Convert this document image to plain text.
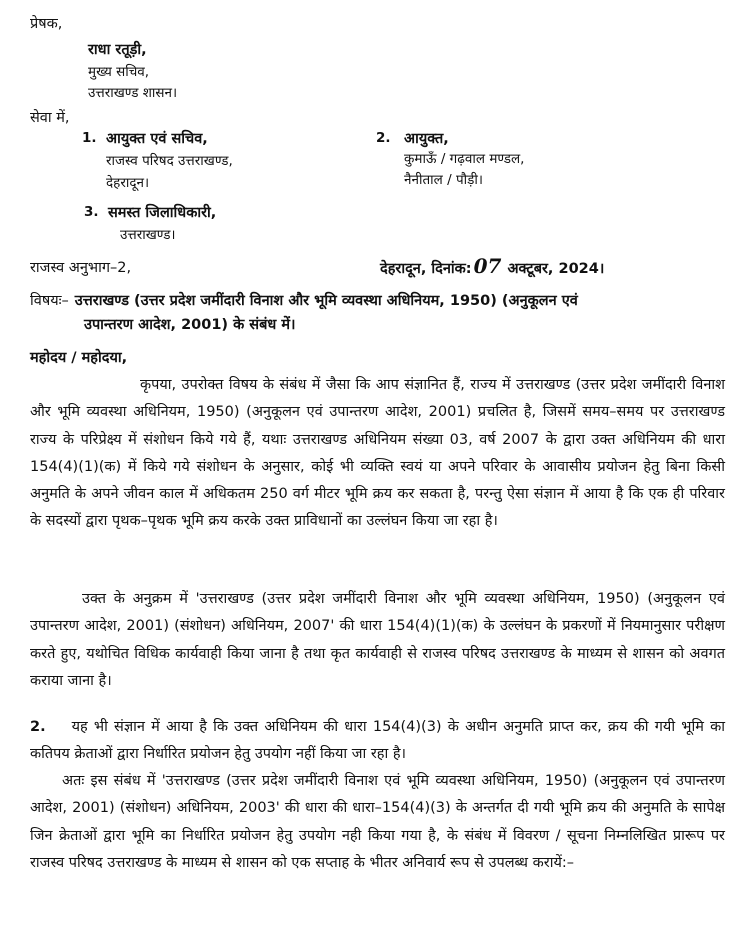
प्रेषक,
राधा रतूड़ी,
मुख्य सचिव,
उत्तराखण्ड शासन।
सेवा में,
1. आयुक्त एवं सचिव,
राजस्व परिषद उत्तराखण्ड,
देहरादून।
2. आयुक्त,
कुमाऊँ / गढ़वाल मण्डल,
नैनीताल / पौड़ी।
3. समस्त जिलाधिकारी,
उत्तराखण्ड।
राजस्व अनुभाग–2,	देहरादून, दिनांक: 07 अक्टूबर, 2024।
विषयः– उत्तराखण्ड (उत्तर प्रदेश जमींदारी विनाश और भूमि व्यवस्था अधिनियम, 1950) (अनुकूलन एवं
उपान्तरण आदेश, 2001) के संबंध में।
महोदय / महोदया,
कृपया, उपरोक्त विषय के संबंध में जैसा कि आप संज्ञानित हैं, राज्य में उत्तराखण्ड (उत्तर प्रदेश जमींदारी विनाश और भूमि व्यवस्था अधिनियम, 1950) (अनुकूलन एवं उपान्तरण आदेश, 2001) प्रचलित है, जिसमें समय–समय पर उत्तराखण्ड राज्य के परिप्रेक्ष्य में संशोधन किये गये हैं, यथाः उत्तराखण्ड अधिनियम संख्या 03, वर्ष 2007 के द्वारा उक्त अधिनियम की धारा 154(4)(1)(क) में किये गये संशोधन के अनुसार, कोई भी व्यक्ति स्वयं या अपने परिवार के आवासीय प्रयोजन हेतु बिना किसी अनुमति के अपने जीवन काल में अधिकतम 250 वर्ग मीटर भूमि क्रय कर सकता है, परन्तु ऐसा संज्ञान में आया है कि एक ही परिवार के सदस्यों द्वारा पृथक–पृथक भूमि क्रय करके उक्त प्राविधानों का उल्लंघन किया जा रहा है।
उक्त के अनुक्रम में 'उत्तराखण्ड (उत्तर प्रदेश जमींदारी विनाश और भूमि व्यवस्था अधिनियम, 1950) (अनुकूलन एवं उपान्तरण आदेश, 2001) (संशोधन) अधिनियम, 2007' की धारा 154(4)(1)(क) के उल्लंघन के प्रकरणों में नियमानुसार परीक्षण करते हुए, यथोचित विधिक कार्यवाही किया जाना है तथा कृत कार्यवाही से राजस्व परिषद उत्तराखण्ड के माध्यम से शासन को अवगत कराया जाना है।
2. यह भी संज्ञान में आया है कि उक्त अधिनियम की धारा 154(4)(3) के अधीन अनुमति प्राप्त कर, क्रय की गयी भूमि का कतिपय क्रेताओं द्वारा निर्धारित प्रयोजन हेतु उपयोग नहीं किया जा रहा है।
अतः इस संबंध में 'उत्तराखण्ड (उत्तर प्रदेश जमींदारी विनाश एवं भूमि व्यवस्था अधिनियम, 1950) (अनुकूलन एवं उपान्तरण आदेश, 2001) (संशोधन) अधिनियम, 2003' की धारा की धारा–154(4)(3) के अन्तर्गत दी गयी भूमि क्रय की अनुमति के सापेक्ष जिन क्रेताओं द्वारा भूमि का निर्धारित प्रयोजन हेतु उपयोग नही किया गया है, के संबंध में विवरण / सूचना निम्नलिखित प्रारूप पर राजस्व परिषद उत्तराखण्ड के माध्यम से शासन को एक सप्ताह के भीतर अनिवार्य रूप से उपलब्ध करायें:–
